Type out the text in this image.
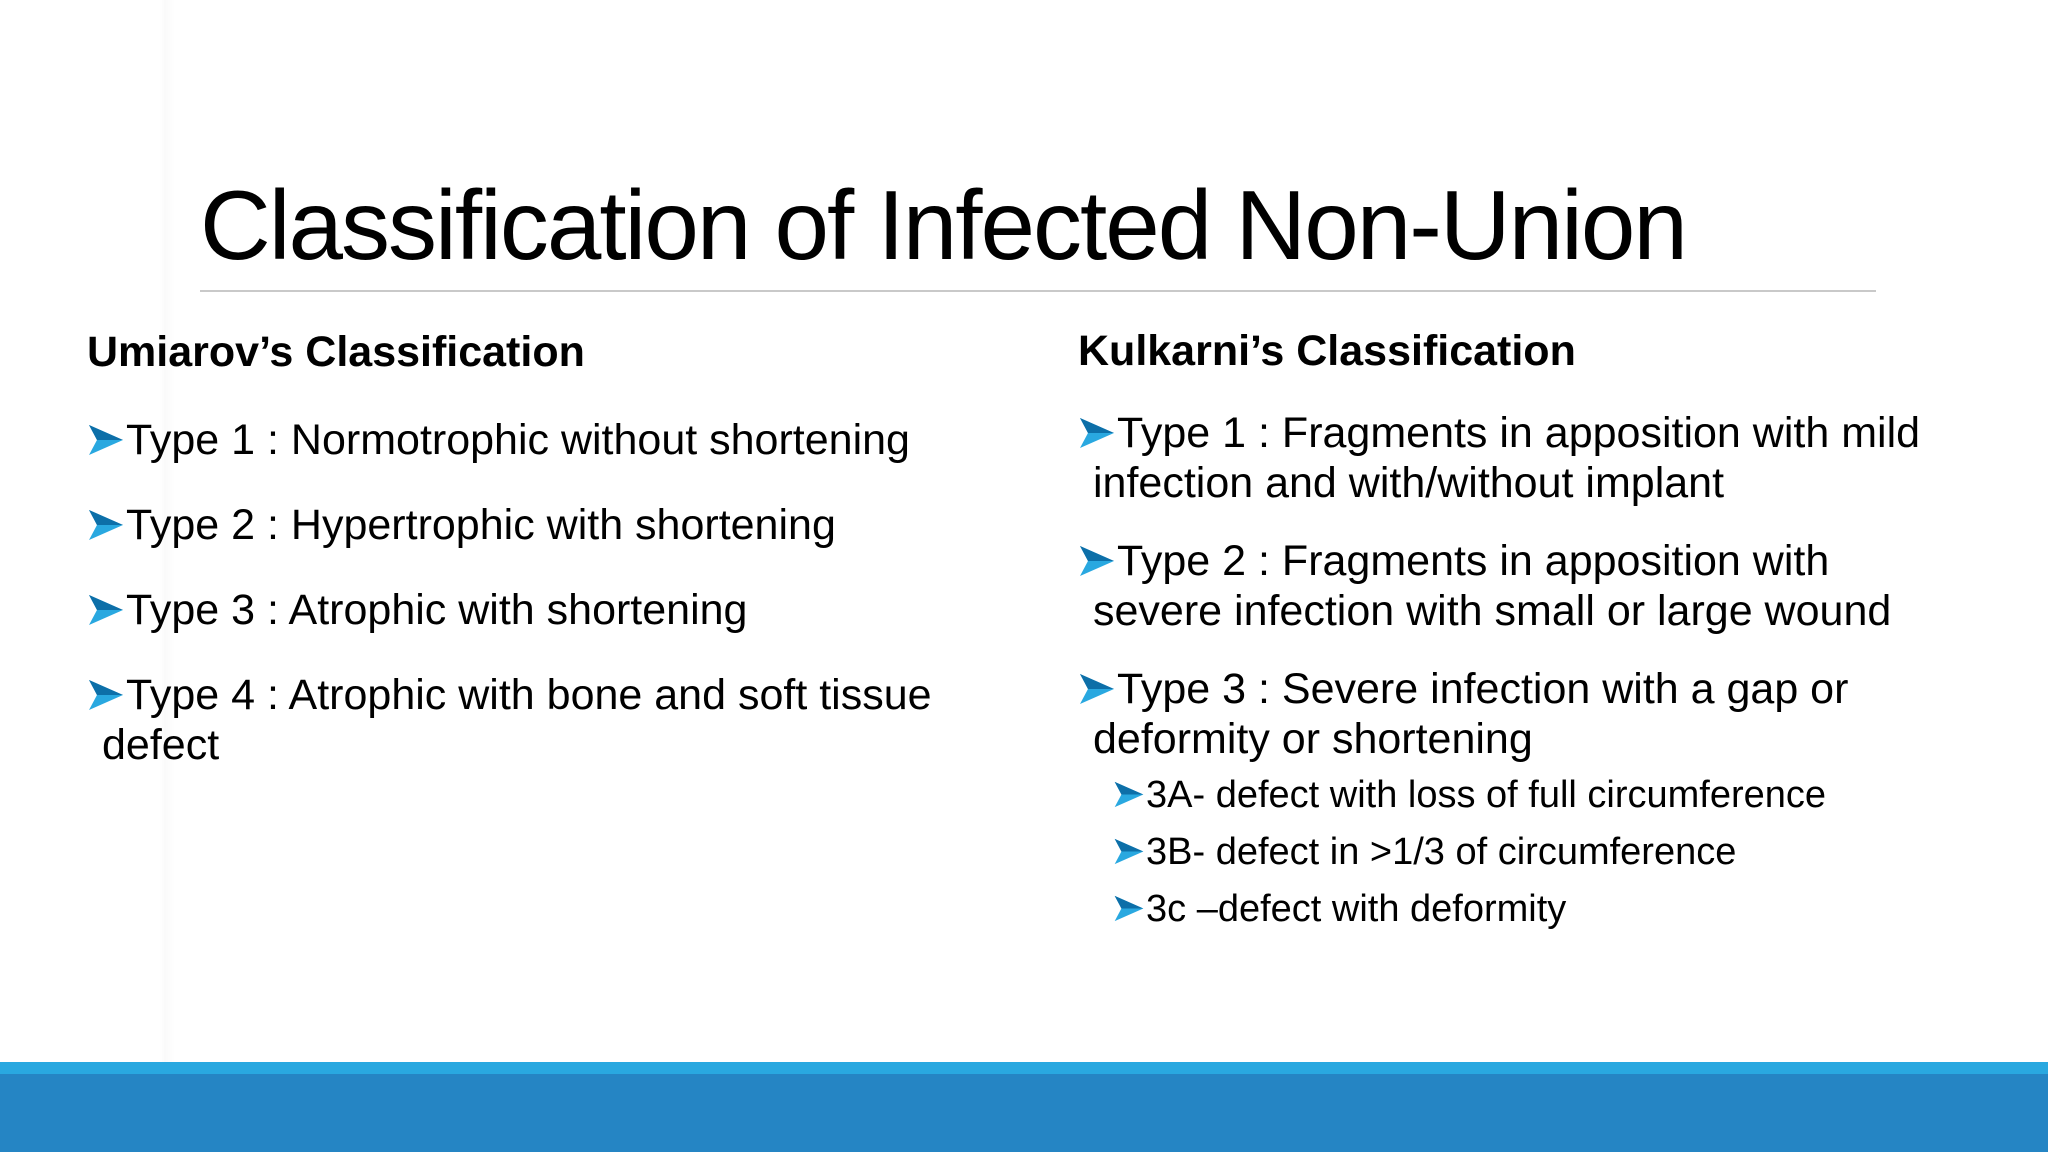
Classification of Infected Non-Union
Umiarov’s Classification
Type 1 : Normotrophic without shortening
Type 2 : Hypertrophic with shortening
Type 3 : Atrophic with shortening
Type 4 : Atrophic with bone and soft tissue
defect
Kulkarni’s Classification
Type 1 : Fragments in apposition with mild
infection and with/without implant
Type 2 : Fragments in apposition with
severe infection with small or large wound
Type 3 : Severe infection with a gap or
deformity or shortening
3A- defect with loss of full circumference
3B- defect in >1/3 of circumference
3c –defect with deformity
